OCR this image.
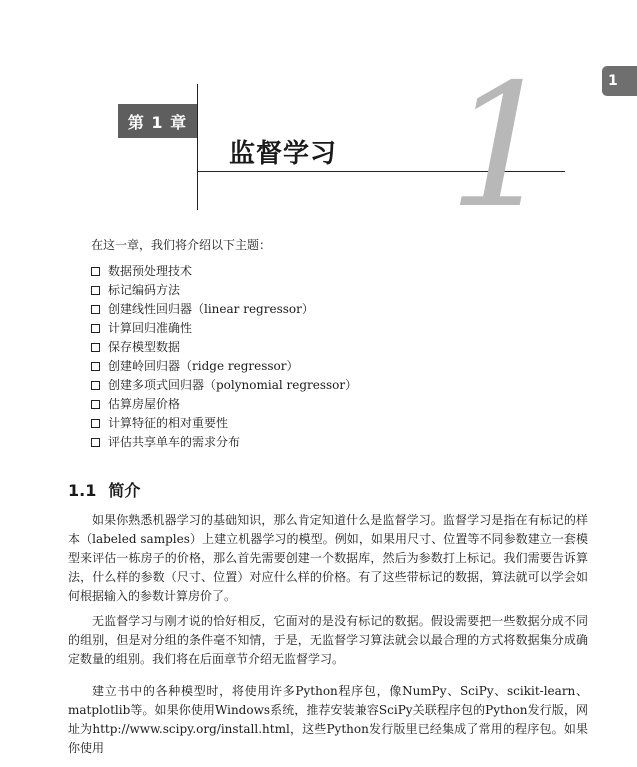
1
第 1 章
监督学习 1
在这一章，我们将介绍以下主题：
数据预处理技术
标记编码方法
创建线性回归器（linear regressor）
计算回归准确性
保存模型数据
创建岭回归器（ridge regressor）
创建多项式回归器（polynomial regressor）
估算房屋价格
计算特征的相对重要性
评估共享单车的需求分布
1.1 简介

如果你熟悉机器学习的基础知识，那么肯定知道什么是监督学习。监督学习是指在有标记的样本（labeled samples）上建立机器学习的模型。例如，如果用尺寸、位置等不同参数建立一套模型来评估一栋房子的价格，那么首先需要创建一个数据库，然后为参数打上标记。我们需要告诉算法，什么样的参数（尺寸、位置）对应什么样的价格。有了这些带标记的数据，算法就可以学会如何根据输入的参数计算房价了。

无监督学习与刚才说的恰好相反，它面对的是没有标记的数据。假设需要把一些数据分成不同的组别，但是对分组的条件毫不知情，于是，无监督学习算法就会以最合理的方式将数据集分成确定数量的组别。我们将在后面章节介绍无监督学习。

建立书中的各种模型时，将使用许多Python程序包，像NumPy、SciPy、scikit-learn、matplotlib等。如果你使用Windows系统，推荐安装兼容SciPy关联程序包的Python发行版，网址为http://www.scipy.org/install.html，这些Python发行版里已经集成了常用的程序包。如果你使用
